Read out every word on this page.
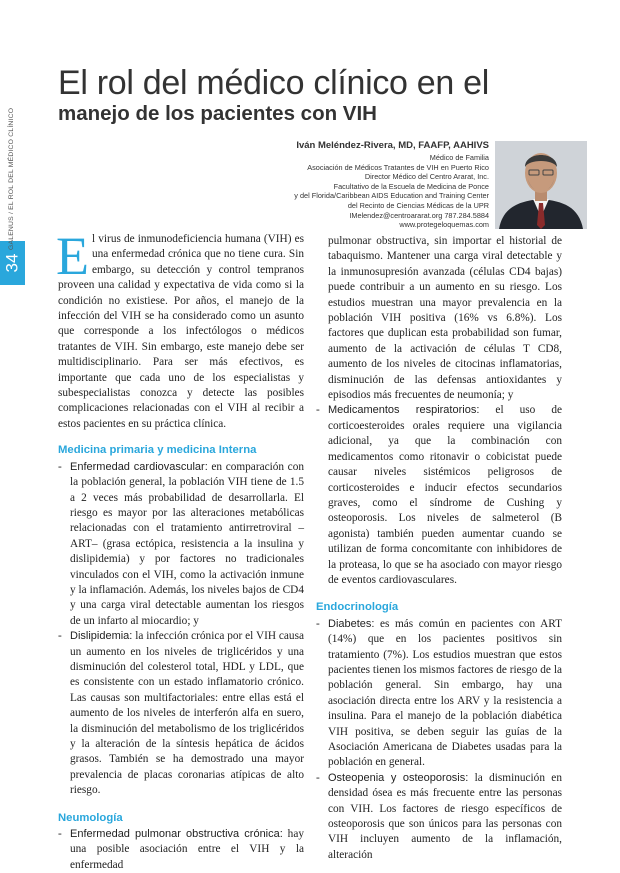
34
GALENUS / EL ROL DEL MÉDICO CLÍNICO
El rol del médico clínico en el
manejo de los pacientes con VIH
Iván Meléndez-Rivera, MD, FAAFP, AAHIVS
Médico de Familia
Asociación de Médicos Tratantes de VIH en Puerto Rico
Director Médico del Centro Ararat, Inc.
Facultativo de la Escuela de Medicina de Ponce
y del Florida/Caribbean AIDS Education and Training Center
del Recinto de Ciencias Médicas de la UPR
IMelendez@centroararat.org 787.284.5884
www.protegeloquemas.com

El virus de inmunodeficiencia humana (VIH) es una enfermedad crónica que no tiene cura. Sin embargo, su detección y control tempranos proveen una calidad y expectativa de vida como si la condición no existiese. Por años, el manejo de la infección del VIH se ha considerado como un asunto que corresponde a los infectólogos o médicos tratantes de VIH. Sin embargo, este manejo debe ser multidisciplinario. Para ser más efectivos, es importante que cada uno de los especialistas y subespecialistas conozca y detecte las posibles complicaciones relacionadas con el VIH al recibir a estos pacientes en su práctica clínica.

Medicina primaria y medicina Interna
- Enfermedad cardiovascular: en comparación con la población general, la población VIH tiene de 1.5 a 2 veces más probabilidad de desarrollarla. El riesgo es mayor por las alteraciones metabólicas relacionadas con el tratamiento antirretroviral –ART– (grasa ectópica, resistencia a la insulina y dislipidemia) y por factores no tradicionales vinculados con el VIH, como la activación inmune y la inflamación. Además, los niveles bajos de CD4 y una carga viral detectable aumentan los riesgos de un infarto al miocardio; y
- Dislipidemia: la infección crónica por el VIH causa un aumento en los niveles de triglicéridos y una disminución del colesterol total, HDL y LDL, que es consistente con un estado inflamatorio crónico. Las causas son multifactoriales: entre ellas está el aumento de los niveles de interferón alfa en suero, la disminución del metabolismo de los triglicéridos y la alteración de la síntesis hepática de ácidos grasos. También se ha demostrado una mayor prevalencia de placas coronarias atípicas de alto riesgo.
Neumología
- Enfermedad pulmonar obstructiva crónica: hay una posible asociación entre el VIH y la enfermedad
pulmonar obstructiva, sin importar el historial de tabaquismo. Mantener una carga viral detectable y la inmunosupresión avanzada (células CD4 bajas) puede contribuir a un aumento en su riesgo. Los estudios muestran una mayor prevalencia en la población VIH positiva (16% vs 6.8%). Los factores que duplican esta probabilidad son fumar, aumento de la activación de células T CD8, aumento de los niveles de citocinas inflamatorias, disminución de las defensas antioxidantes y episodios más frecuentes de neumonía; y
- Medicamentos respiratorios: el uso de corticoesteroides orales requiere una vigilancia adicional, ya que la combinación con medicamentos como ritonavir o cobicistat puede causar niveles sistémicos peligrosos de corticosteroides e inducir efectos secundarios graves, como el síndrome de Cushing y osteoporosis. Los niveles de salmeterol (B agonista) también pueden aumentar cuando se utilizan de forma concomitante con inhibidores de la proteasa, lo que se ha asociado con mayor riesgo de eventos cardiovasculares.
Endocrinología
- Diabetes: es más común en pacientes con ART (14%) que en los pacientes positivos sin tratamiento (7%). Los estudios muestran que estos pacientes tienen los mismos factores de riesgo de la población general. Sin embargo, hay una asociación directa entre los ARV y la resistencia a insulina. Para el manejo de la población diabética VIH positiva, se deben seguir las guías de la Asociación Americana de Diabetes usadas para la población en general.
- Osteopenia y osteoporosis: la disminución en densidad ósea es más frecuente entre las personas con VIH. Los factores de riesgo específicos de osteoporosis que son únicos para las personas con VIH incluyen aumento de la inflamación, alteración
